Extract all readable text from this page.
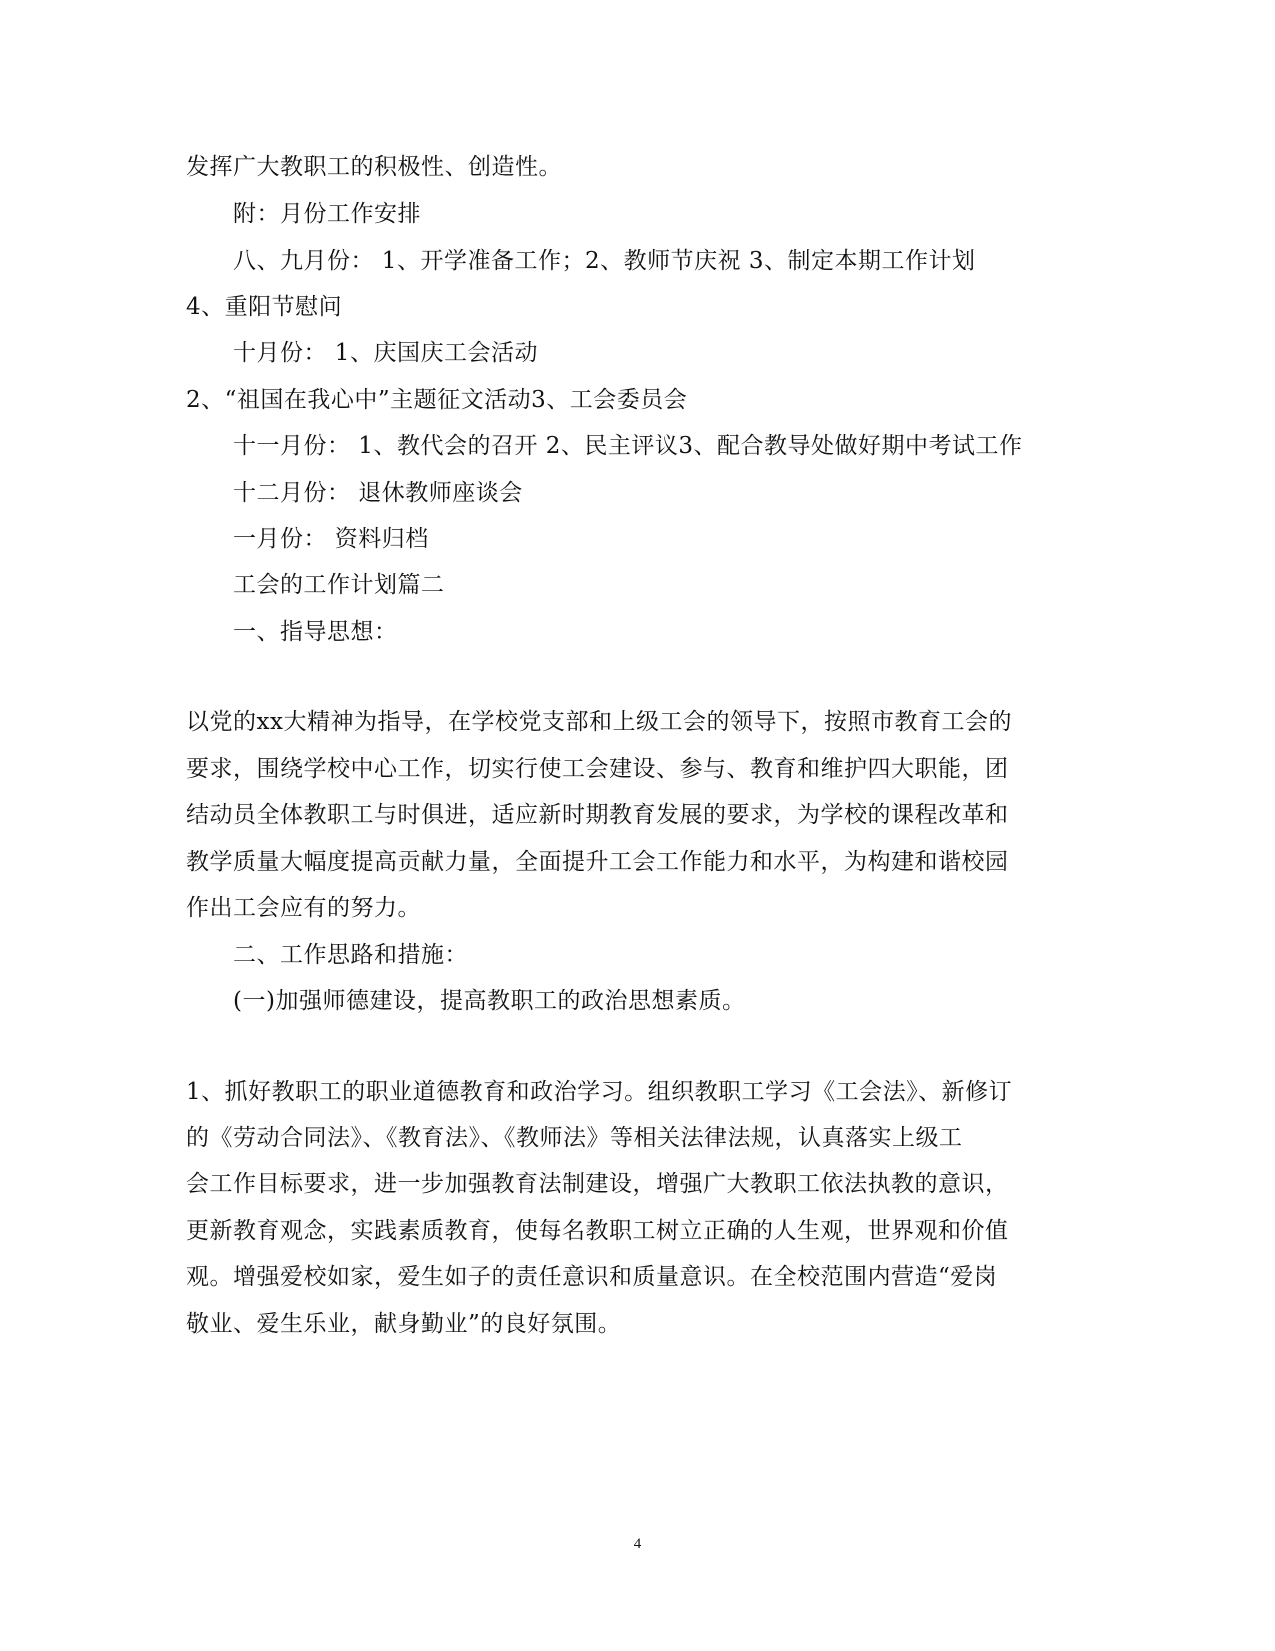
发挥广大教职工的积极性、创造性。
附：月份工作安排
八、九月份： 1、开学准备工作；2、教师节庆祝 3、制定本期工作计划
4、重阳节慰问
十月份： 1、庆国庆工会活动
2、“祖国在我心中”主题征文活动3、工会委员会
十一月份： 1、教代会的召开 2、民主评议3、配合教导处做好期中考试工作
十二月份： 退休教师座谈会
一月份： 资料归档
工会的工作计划篇二
一、指导思想：
以党的xx大精神为指导，在学校党支部和上级工会的领导下，按照市教育工会的
要求，围绕学校中心工作，切实行使工会建设、参与、教育和维护四大职能，团
结动员全体教职工与时俱进，适应新时期教育发展的要求，为学校的课程改革和
教学质量大幅度提高贡献力量，全面提升工会工作能力和水平，为构建和谐校园
作出工会应有的努力。
二、工作思路和措施：
(一)加强师德建设，提高教职工的政治思想素质。
1、抓好教职工的职业道德教育和政治学习。组织教职工学习《工会法》、新修订
的《劳动合同法》、《教育法》、《教师法》等相关法律法规，认真落实上级工
会工作目标要求，进一步加强教育法制建设，增强广大教职工依法执教的意识，
更新教育观念，实践素质教育，使每名教职工树立正确的人生观，世界观和价值
观。增强爱校如家，爱生如子的责任意识和质量意识。在全校范围内营造“爱岗
敬业、爱生乐业，献身勤业”的良好氛围。
4
